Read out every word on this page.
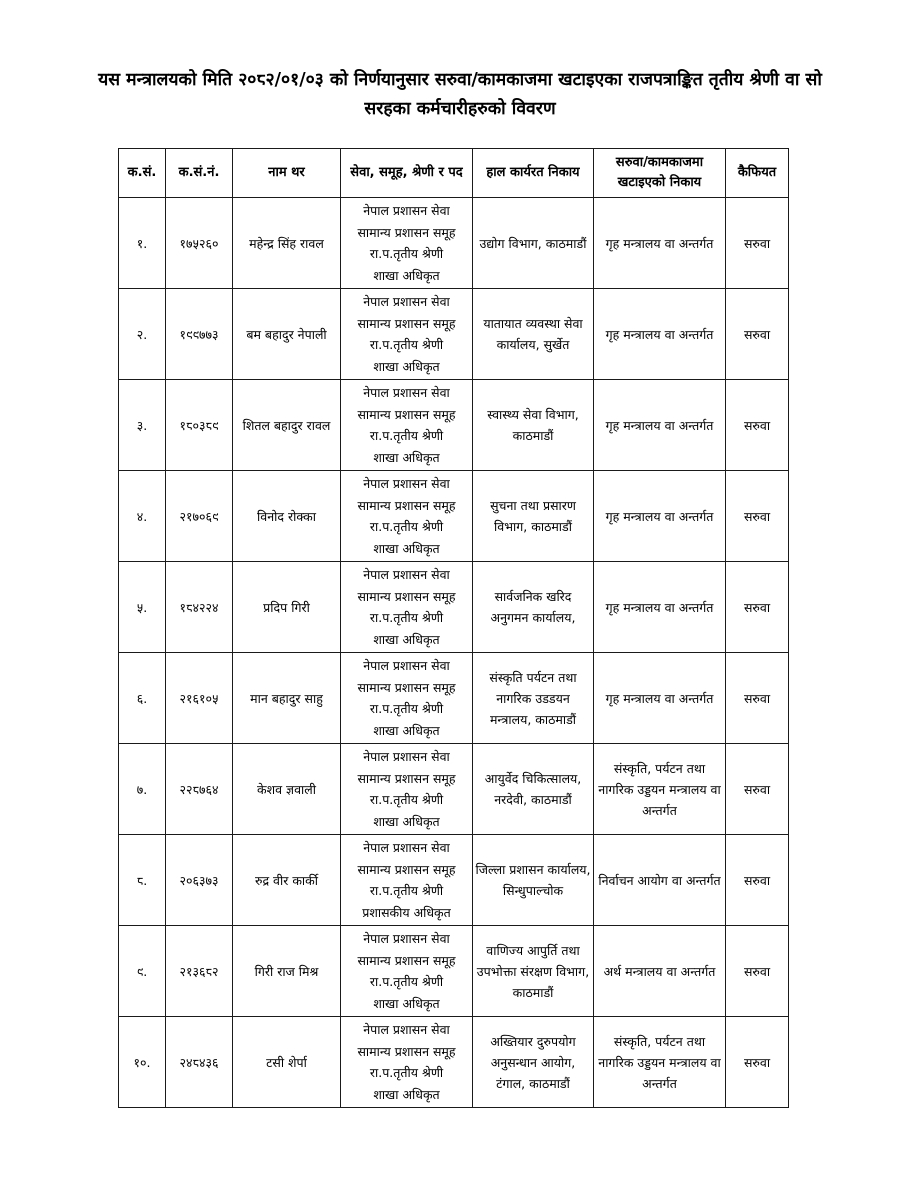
यस मन्त्रालयको मिति २०८२/०१/०३ को निर्णयानुसार सरुवा/कामकाजमा खटाइएका राजपत्राङ्कित तृतीय श्रेणी वा सो सरहका कर्मचारीहरुको विवरण
क.सं.	क.सं.नं.	नाम थर	सेवा, समूह, श्रेणी र पद	हाल कार्यरत निकाय	सरुवा/कामकाजमा खटाइएको निकाय	कैफियत
१.	१७५२६०	महेन्द्र सिंह रावल	नेपाल प्रशासन सेवा
सामान्य प्रशासन समूह
रा.प.तृतीय श्रेणी
शाखा अधिकृत	उद्योग विभाग, काठमाडौं	गृह मन्त्रालय वा अन्तर्गत	सरुवा
२.	१९९७७३	बम बहादुर नेपाली	नेपाल प्रशासन सेवा
सामान्य प्रशासन समूह
रा.प.तृतीय श्रेणी
शाखा अधिकृत	यातायात व्यवस्था सेवा कार्यालय, सुर्खेत	गृह मन्त्रालय वा अन्तर्गत	सरुवा
३.	१८०३८९	शितल बहादुर रावल	नेपाल प्रशासन सेवा
सामान्य प्रशासन समूह
रा.प.तृतीय श्रेणी
शाखा अधिकृत	स्वास्थ्य सेवा विभाग, काठमाडौं	गृह मन्त्रालय वा अन्तर्गत	सरुवा
४.	२१७०६९	विनोद रोक्का	नेपाल प्रशासन सेवा
सामान्य प्रशासन समूह
रा.प.तृतीय श्रेणी
शाखा अधिकृत	सुचना तथा प्रसारण विभाग, काठमाडौं	गृह मन्त्रालय वा अन्तर्गत	सरुवा
५.	१८४२२४	प्रदिप गिरी	नेपाल प्रशासन सेवा
सामान्य प्रशासन समूह
रा.प.तृतीय श्रेणी
शाखा अधिकृत	सार्वजनिक खरिद अनुगमन कार्यालय,	गृह मन्त्रालय वा अन्तर्गत	सरुवा
६.	२१६१०५	मान बहादुर साहु	नेपाल प्रशासन सेवा
सामान्य प्रशासन समूह
रा.प.तृतीय श्रेणी
शाखा अधिकृत	संस्कृति पर्यटन तथा नागरिक उडडयन मन्त्रालय, काठमाडौं	गृह मन्त्रालय वा अन्तर्गत	सरुवा
७.	२२८७६४	केशव ज्ञवाली	नेपाल प्रशासन सेवा
सामान्य प्रशासन समूह
रा.प.तृतीय श्रेणी
शाखा अधिकृत	आयुर्वेद चिकित्सालय, नरदेवी, काठमाडौं	संस्कृति, पर्यटन तथा नागरिक उड्डयन मन्त्रालय वा अन्तर्गत	सरुवा
८.	२०६३७३	रुद्र वीर कार्की	नेपाल प्रशासन सेवा
सामान्य प्रशासन समूह
रा.प.तृतीय श्रेणी
प्रशासकीय अधिकृत	जिल्ला प्रशासन कार्यालय, सिन्धुपाल्चोक	निर्वाचन आयोग वा अन्तर्गत	सरुवा
९.	२१३६८२	गिरी राज मिश्र	नेपाल प्रशासन सेवा
सामान्य प्रशासन समूह
रा.प.तृतीय श्रेणी
शाखा अधिकृत	वाणिज्य आपुर्ति तथा उपभोक्ता संरक्षण विभाग, काठमाडौं	अर्थ मन्त्रालय वा अन्तर्गत	सरुवा
१०.	२४८४३६	टसी शेर्पा	नेपाल प्रशासन सेवा
सामान्य प्रशासन समूह
रा.प.तृतीय श्रेणी
शाखा अधिकृत	अख्तियार दुरुपयोग अनुसन्धान आयोग, टंगाल, काठमाडौं	संस्कृति, पर्यटन तथा नागरिक उड्डयन मन्त्रालय वा अन्तर्गत	सरुवा
